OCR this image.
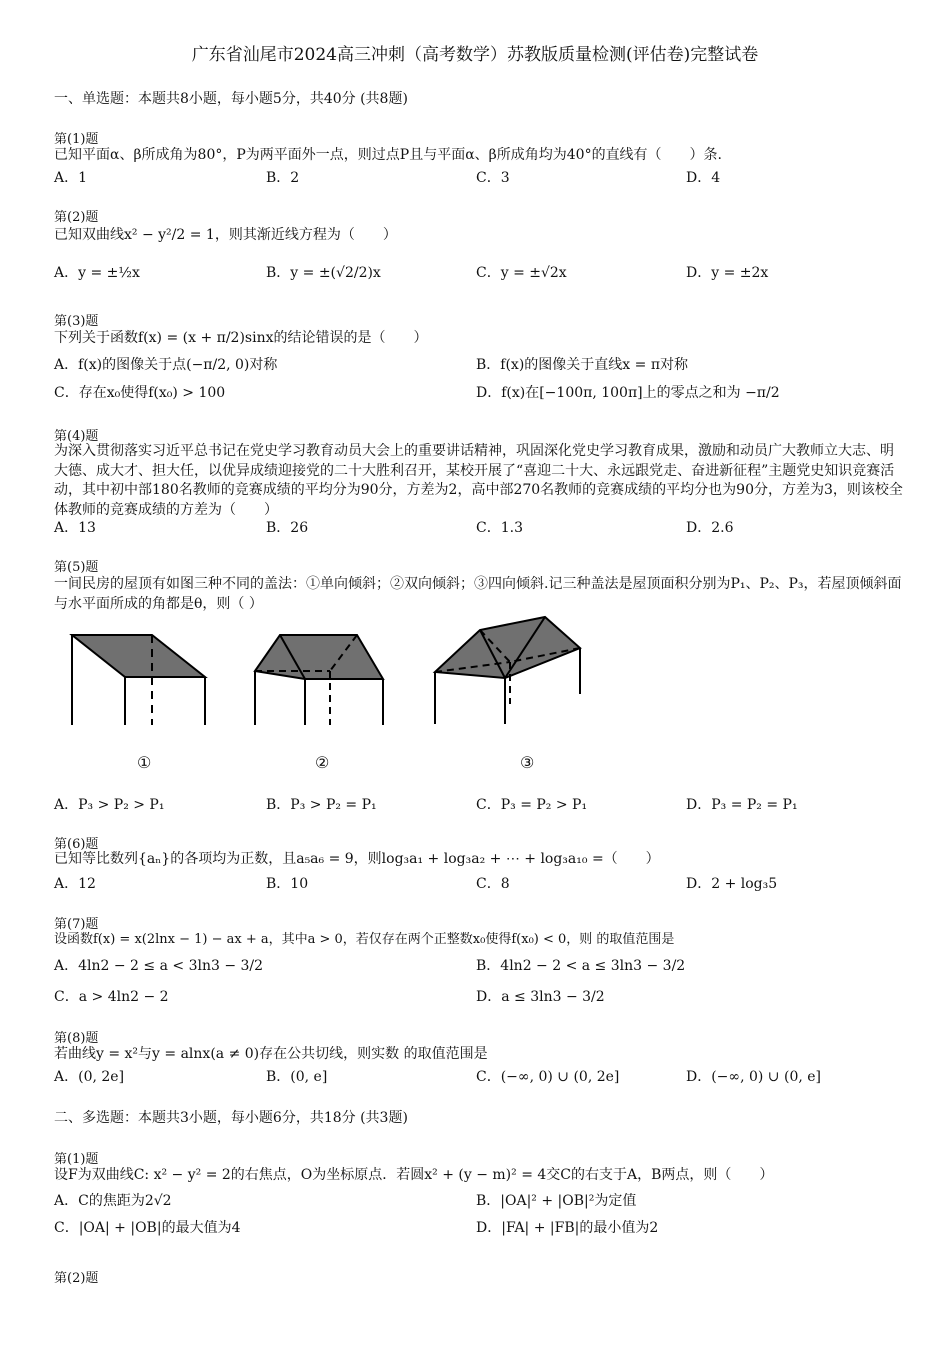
广东省汕尾市2024高三冲刺（高考数学）苏教版质量检测(评估卷)完整试卷
一、单选题：本题共8小题，每小题5分，共40分 (共8题)
第(1)题
已知平面α、β所成角为80°，P为两平面外一点，则过点P且与平面α、β所成角均为40°的直线有（　　）条.
A．1	B．2	C．3	D．4
第(2)题
已知双曲线x² − y²/2 = 1，则其渐近线方程为（　　）
A．y = ±½x	B．y = ±(√2/2)x	C．y = ±√2x	D．y = ±2x
第(3)题
下列关于函数f(x) = (x + π/2)sinx的结论错误的是（　　）
A．f(x)的图像关于点(−π/2, 0)对称	B．f(x)的图像关于直线x = π对称
C．存在x₀使得f(x₀) > 100	D．f(x)在[−100π, 100π]上的零点之和为 −π/2
第(4)题
为深入贯彻落实习近平总书记在党史学习教育动员大会上的重要讲话精神，巩固深化党史学习教育成果，激励和动员广大教师立大志、明大德、成大才、担大任，以优异成绩迎接党的二十大胜利召开，某校开展了“喜迎二十大、永远跟党走、奋进新征程”主题党史知识竞赛活动，其中初中部180名教师的竞赛成绩的平均分为90分，方差为2，高中部270名教师的竞赛成绩的平均分也为90分，方差为3，则该校全体教师的竞赛成绩的方差为（　　）
A．13	B．26	C．1.3	D．2.6
第(5)题
一间民房的屋顶有如图三种不同的盖法：①单向倾斜；②双向倾斜；③四向倾斜.记三种盖法是屋顶面积分别为P₁、P₂、P₃，若屋顶倾斜面与水平面所成的角都是θ，则（ ）
①	②	③
A．P₃ > P₂ > P₁	B．P₃ > P₂ = P₁	C．P₃ = P₂ > P₁	D．P₃ = P₂ = P₁
第(6)题
已知等比数列{aₙ}的各项均为正数，且a₅a₆ = 9，则log₃a₁ + log₃a₂ + ⋯ + log₃a₁₀ =（　　）
A．12	B．10	C．8	D．2 + log₃5
第(7)题
设函数f(x) = x(2lnx − 1) − ax + a，其中a > 0，若仅存在两个正整数x₀使得f(x₀) < 0，则 的取值范围是
A．4ln2 − 2 ≤ a < 3ln3 − 3/2	B．4ln2 − 2 < a ≤ 3ln3 − 3/2
C．a > 4ln2 − 2	D．a ≤ 3ln3 − 3/2
第(8)题
若曲线y = x²与y = alnx(a ≠ 0)存在公共切线，则实数 的取值范围是
A．(0, 2e]	B．(0, e]	C．(−∞, 0) ∪ (0, 2e]	D．(−∞, 0) ∪ (0, e]
二、多选题：本题共3小题，每小题6分，共18分 (共3题)
第(1)题
设F为双曲线C: x² − y² = 2的右焦点，O为坐标原点．若圆x² + (y − m)² = 4交C的右支于A，B两点，则（　　）
A．C的焦距为2√2	B．|OA|² + |OB|²为定值
C．|OA| + |OB|的最大值为4	D．|FA| + |FB|的最小值为2
第(2)题
